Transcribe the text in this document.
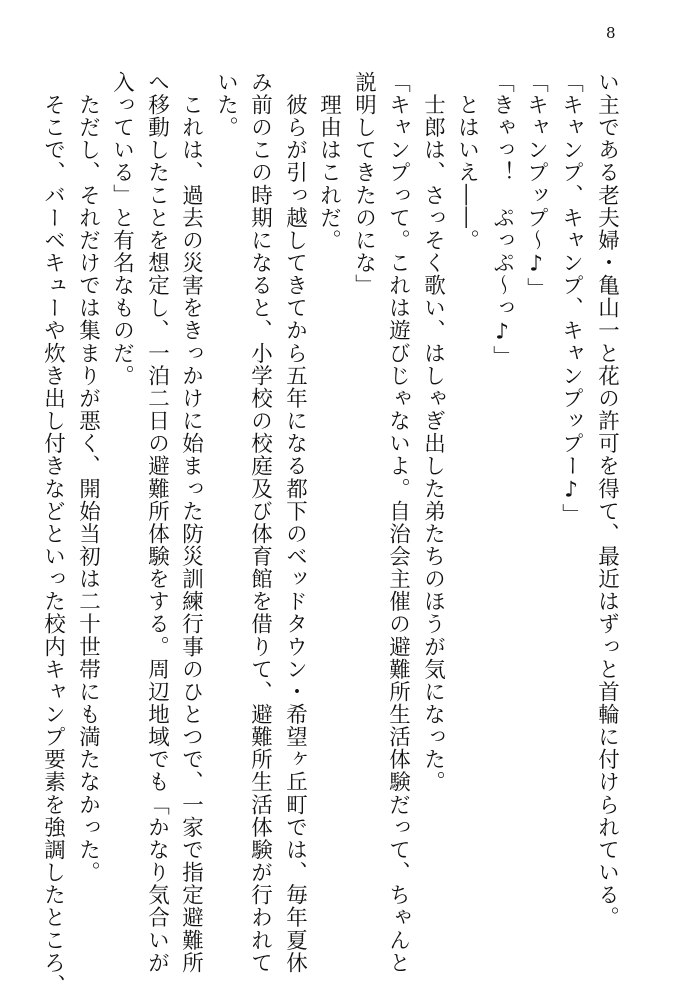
8
い主である老夫婦・亀山一と花の許可を得て、最近はずっと首輪に付けられている。
「キャンプ、キャンプ、キャンプップー♪」
「キャンプップ～♪」
「きゃっ！　ぷっぷ～っ♪」
　とはいえ――。
　士郎は、さっそく歌い、はしゃぎ出した弟たちのほうが気になった。
「キャンプって。これは遊びじゃないよ。自治会主催の避難所生活体験だって、ちゃんと
説明してきたのにな」
　理由はこれだ。
　彼らが引っ越してきてから五年になる都下のベッドタウン・希望ヶ丘町では、毎年夏休
み前のこの時期になると、小学校の校庭及び体育館を借りて、避難所生活体験が行われて
いた。
　これは、過去の災害をきっかけに始まった防災訓練行事のひとつで、一家で指定避難所
へ移動したことを想定し、一泊二日の避難所体験をする。周辺地域でも「かなり気合いが
入っている」と有名なものだ。
　ただし、それだけでは集まりが悪く、開始当初は二十世帯にも満たなかった。
　そこで、バーベキューや炊き出し付きなどといった校内キャンプ要素を強調したところ、
